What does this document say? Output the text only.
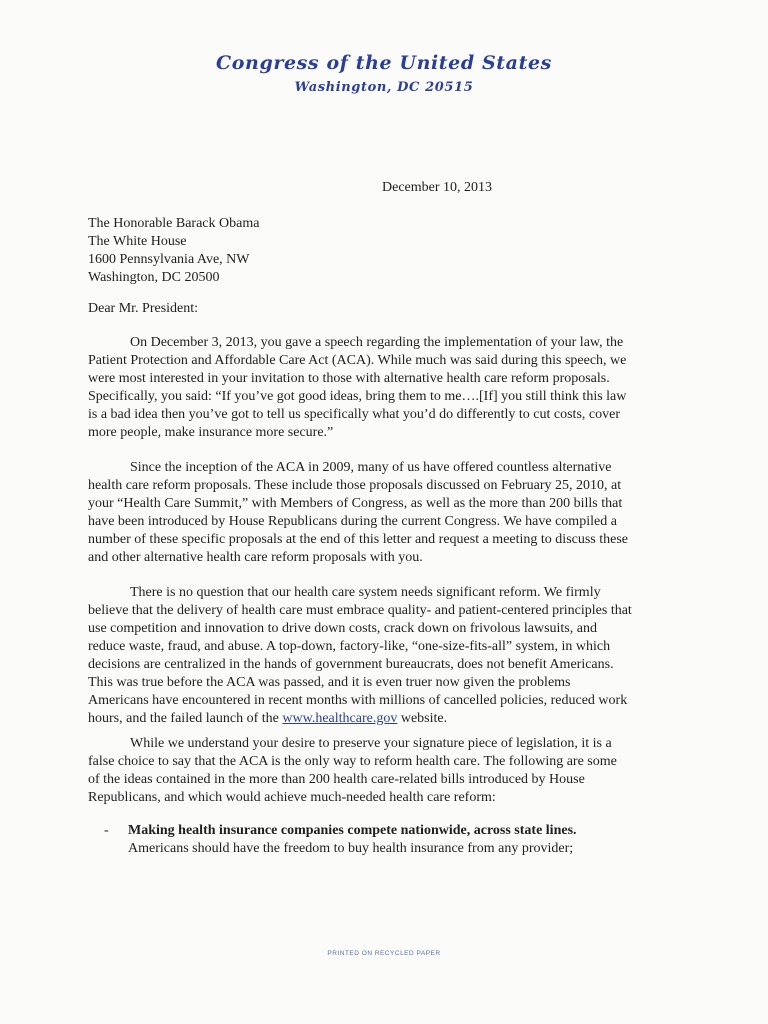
Congress of the United States
Washington, DC 20515
December 10, 2013
The Honorable Barack Obama
The White House
1600 Pennsylvania Ave, NW
Washington, DC 20500
Dear Mr. President:
On December 3, 2013, you gave a speech regarding the implementation of your law, the
Patient Protection and Affordable Care Act (ACA). While much was said during this speech, we
were most interested in your invitation to those with alternative health care reform proposals.
Specifically, you said: “If you’ve got good ideas, bring them to me….[If] you still think this law
is a bad idea then you’ve got to tell us specifically what you’d do differently to cut costs, cover
more people, make insurance more secure.”
Since the inception of the ACA in 2009, many of us have offered countless alternative
health care reform proposals. These include those proposals discussed on February 25, 2010, at
your “Health Care Summit,” with Members of Congress, as well as the more than 200 bills that
have been introduced by House Republicans during the current Congress. We have compiled a
number of these specific proposals at the end of this letter and request a meeting to discuss these
and other alternative health care reform proposals with you.
There is no question that our health care system needs significant reform. We firmly
believe that the delivery of health care must embrace quality- and patient-centered principles that
use competition and innovation to drive down costs, crack down on frivolous lawsuits, and
reduce waste, fraud, and abuse. A top-down, factory-like, “one-size-fits-all” system, in which
decisions are centralized in the hands of government bureaucrats, does not benefit Americans.
This was true before the ACA was passed, and it is even truer now given the problems
Americans have encountered in recent months with millions of cancelled policies, reduced work
hours, and the failed launch of the www.healthcare.gov website.
While we understand your desire to preserve your signature piece of legislation, it is a
false choice to say that the ACA is the only way to reform health care. The following are some
of the ideas contained in the more than 200 health care-related bills introduced by House
Republicans, and which would achieve much-needed health care reform:
- Making health insurance companies compete nationwide, across state lines.
Americans should have the freedom to buy health insurance from any provider;
PRINTED ON RECYCLED PAPER
